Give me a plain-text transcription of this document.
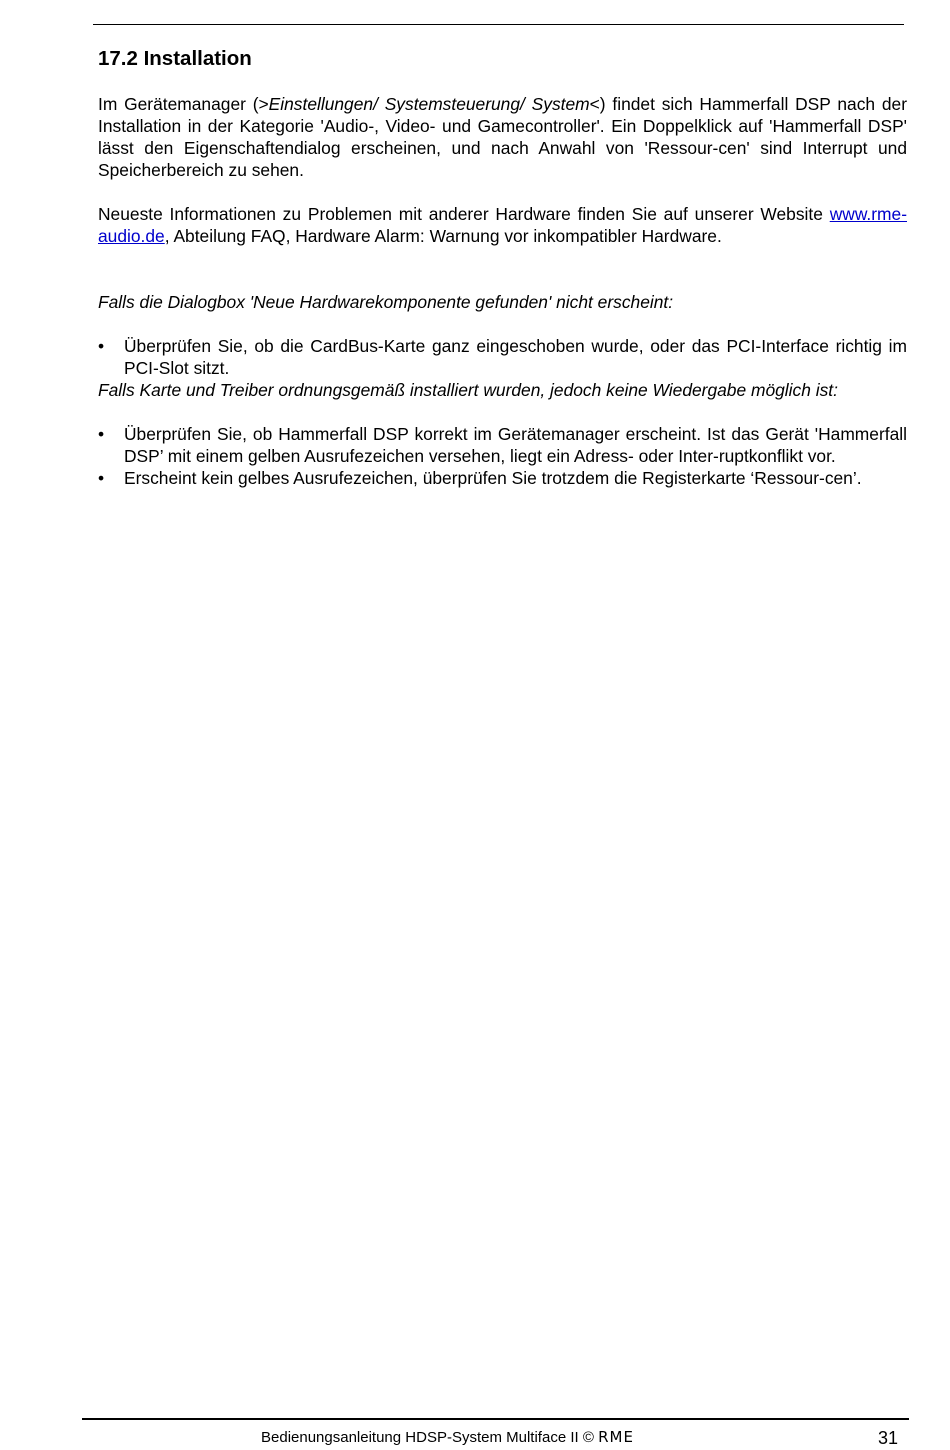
17.2 Installation

Im Gerätemanager (>Einstellungen/ Systemsteuerung/ System<) findet sich Hammerfall DSP nach der Installation in der Kategorie 'Audio-, Video- und Gamecontroller'. Ein Doppelklick auf 'Hammerfall DSP' lässt den Eigenschaftendialog erscheinen, und nach Anwahl von 'Ressour-cen' sind Interrupt und Speicherbereich zu sehen.

Neueste Informationen zu Problemen mit anderer Hardware finden Sie auf unserer Website www.rme-audio.de, Abteilung FAQ, Hardware Alarm: Warnung vor inkompatibler Hardware.

Falls die Dialogbox 'Neue Hardwarekomponente gefunden' nicht erscheint:

• Überprüfen Sie, ob die CardBus-Karte ganz eingeschoben wurde, oder das PCI-Interface richtig im PCI-Slot sitzt.

Falls Karte und Treiber ordnungsgemäß installiert wurden, jedoch keine Wiedergabe möglich ist:

• Überprüfen Sie, ob Hammerfall DSP korrekt im Gerätemanager erscheint. Ist das Gerät 'Hammerfall DSP’ mit einem gelben Ausrufezeichen versehen, liegt ein Adress- oder Inter-ruptkonflikt vor.
• Erscheint kein gelbes Ausrufezeichen, überprüfen Sie trotzdem die Registerkarte ‘Ressour-cen’.
Bedienungsanleitung HDSP-System Multiface II © RME	31
